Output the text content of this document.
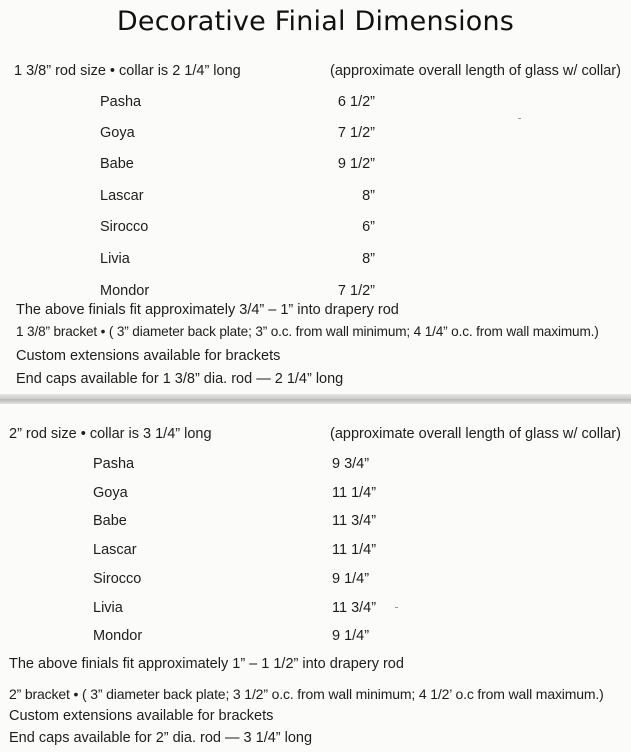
Decorative Finial Dimensions
1 3/8” rod size • collar is 2 1/4” long	(approximate overall length of glass w/ collar)
Pasha	6 1/2”
Goya	7 1/2”
Babe	9 1/2”
Lascar	8”
Sirocco	6”
Livia	8”
Mondor	7 1/2”
The above finials fit approximately 3/4” – 1” into drapery rod
1 3/8” bracket • ( 3” diameter back plate; 3” o.c. from wall minimum; 4 1/4” o.c. from wall maximum.)
Custom extensions available for brackets
End caps available for 1 3/8” dia. rod — 2 1/4” long
2” rod size • collar is 3 1/4” long	(approximate overall length of glass w/ collar)
Pasha	9 3/4”
Goya	11 1/4”
Babe	11 3/4”
Lascar	11 1/4”
Sirocco	9 1/4”
Livia	11 3/4”
Mondor	9 1/4”
The above finials fit approximately 1” – 1 1/2” into drapery rod
2” bracket • ( 3” diameter back plate; 3 1/2” o.c. from wall minimum; 4 1/2’ o.c from wall maximum.)
Custom extensions available for brackets
End caps available for 2” dia. rod — 3 1/4” long
